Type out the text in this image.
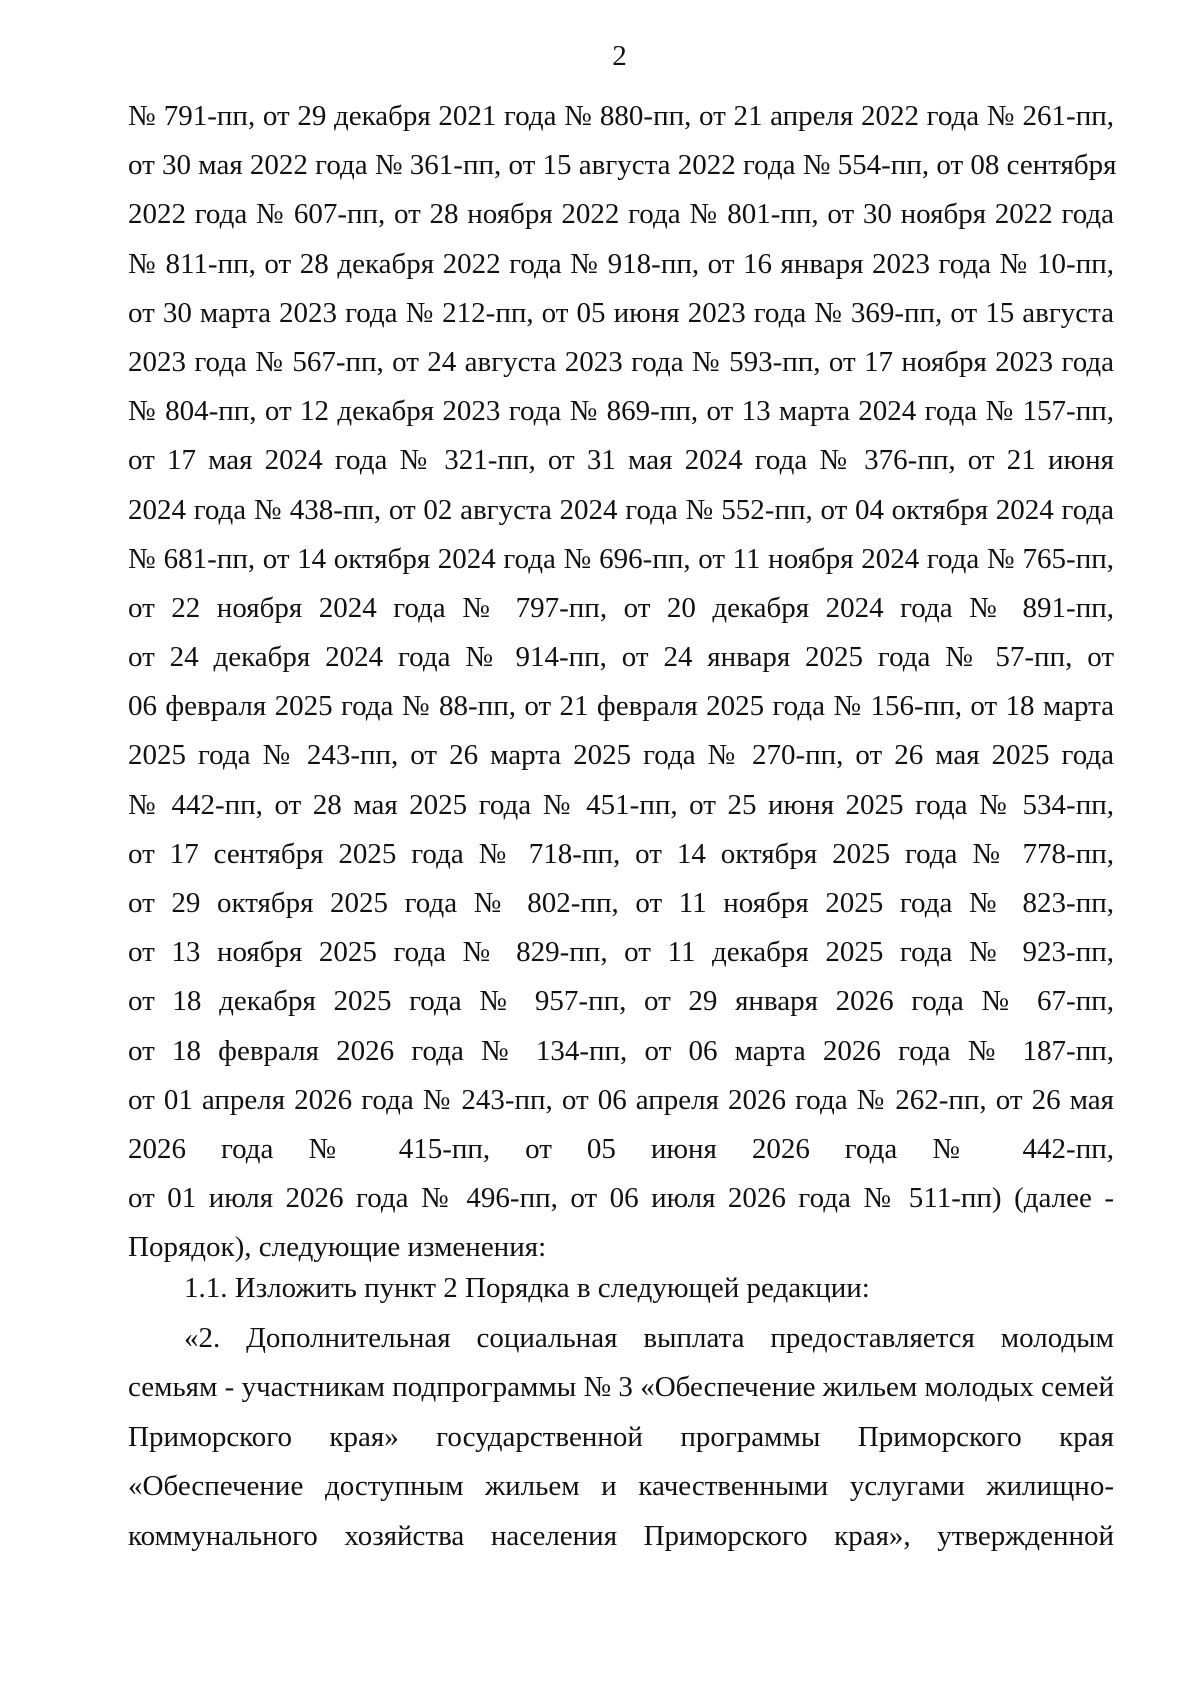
2
№ 791-пп, от 29 декабря 2021 года № 880-пп, от 21 апреля 2022 года № 261-пп,
от 30 мая 2022 года № 361-пп, от 15 августа 2022 года № 554-пп, от 08 сентября
2022 года № 607-пп, от 28 ноября 2022 года № 801-пп, от 30 ноября 2022 года
№ 811-пп, от 28 декабря 2022 года № 918-пп, от 16 января 2023 года № 10-пп,
от 30 марта 2023 года № 212-пп, от 05 июня 2023 года № 369-пп, от 15 августа
2023 года № 567-пп, от 24 августа 2023 года № 593-пп, от 17 ноября 2023 года
№ 804-пп, от 12 декабря 2023 года № 869-пп, от 13 марта 2024 года № 157-пп,
от 17 мая 2024 года № 321-пп, от 31 мая 2024 года № 376-пп, от 21 июня
2024 года № 438-пп, от 02 августа 2024 года № 552-пп, от 04 октября 2024 года
№ 681-пп, от 14 октября 2024 года № 696-пп, от 11 ноября 2024 года № 765-пп,
от 22 ноября 2024 года № 797-пп, от 20 декабря 2024 года № 891-пп,
от 24 декабря 2024 года № 914-пп, от 24 января 2025 года № 57-пп, от
06 февраля 2025 года № 88-пп, от 21 февраля 2025 года № 156-пп, от 18 марта
2025 года № 243-пп, от 26 марта 2025 года № 270-пп, от 26 мая 2025 года
№ 442-пп, от 28 мая 2025 года № 451-пп, от 25 июня 2025 года № 534-пп,
от 17 сентября 2025 года № 718-пп, от 14 октября 2025 года № 778-пп,
от 29 октября 2025 года № 802-пп, от 11 ноября 2025 года № 823-пп,
от 13 ноября 2025 года № 829-пп, от 11 декабря 2025 года № 923-пп,
от 18 декабря 2025 года № 957-пп, от 29 января 2026 года № 67-пп,
от 18 февраля 2026 года № 134-пп, от 06 марта 2026 года № 187-пп,
от 01 апреля 2026 года № 243-пп, от 06 апреля 2026 года № 262-пп, от 26 мая
2026 года № 415-пп, от 05 июня 2026 года № 442-пп,
от 01 июля 2026 года № 496-пп, от 06 июля 2026 года № 511-пп) (далее -
Порядок), следующие изменения:
1.1. Изложить пункт 2 Порядка в следующей редакции:
«2. Дополнительная социальная выплата предоставляется молодым
семьям - участникам подпрограммы № 3 «Обеспечение жильем молодых семей
Приморского края» государственной программы Приморского края
«Обеспечение доступным жильем и качественными услугами жилищно-
коммунального хозяйства населения Приморского края», утвержденной
